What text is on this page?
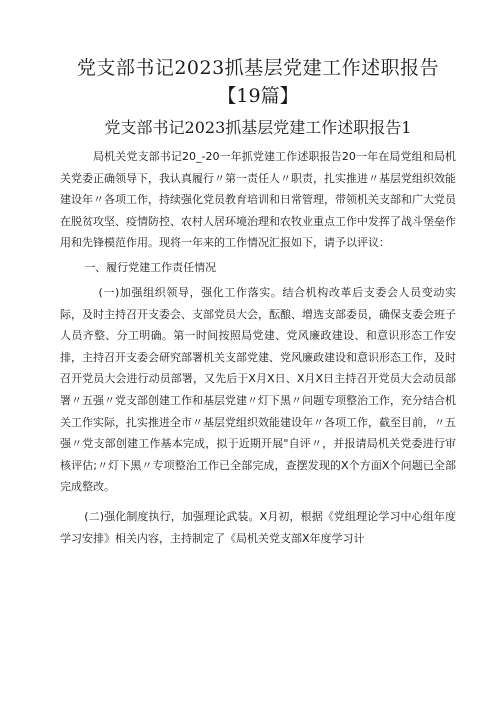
党支部书记2023抓基层党建工作述职报告
【19篇】
党支部书记2023抓基层党建工作述职报告1

局机关党支部书记20_-20一年抓党建工作述职报告20一年在局党组和局机关党委正确领导下，我认真履行〃第一责任人〃职责，扎实推进〃基层党组织效能建设年〃各项工作，持续强化党员教育培训和日常管理，带领机关支部和广大党员在脱贫攻坚、疫情防控、农村人居环境治理和农牧业重点工作中发挥了战斗堡垒作用和先锋模范作用。现将一年来的工作情况汇报如下，请予以评议：

一、履行党建工作责任情况

(一)加强组织领导，强化工作落实。结合机构改革后支委会人员变动实际，及时主持召开支委会、支部党员大会，酝酿、增选支部委员，确保支委会班子人员齐整、分工明确。第一时间按照局党建、党风廉政建设、和意识形态工作安排，主持召开支委会研究部署机关支部党建、党风廉政建设和意识形态工作，及时召开党员大会进行动员部署，又先后于X月X日、X月X日主持召开党员大会动员部署〃五强〃党支部创建工作和基层党建〃灯下黑〃问题专项整治工作，充分结合机关工作实际，扎实推进全市〃基层党组织效能建设年〃各项工作，截至目前，〃五强〃党支部创建工作基本完成，拟于近期开展"自评〃，并报请局机关党委进行审核评估;〃灯下黑〃专项整治工作已全部完成，查摆发现的X个方面X个问题已全部完成整改。

(二)强化制度执行，加强理论武装。X月初，根据《党组理论学习中心组年度学习安排》相关内容，主持制定了《局机关党支部X年度学习计
